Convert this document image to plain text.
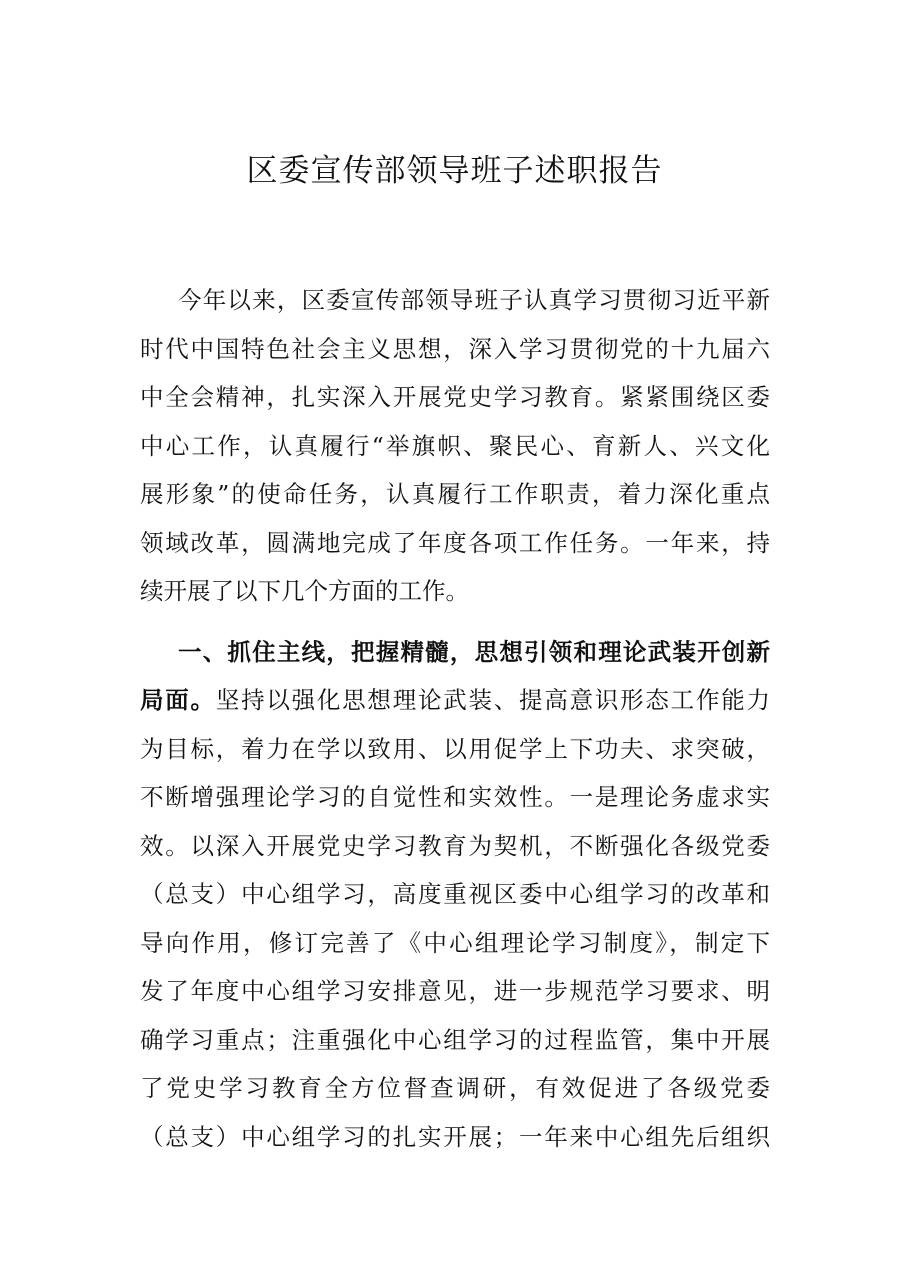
区委宣传部领导班子述职报告
今年以来，区委宣传部领导班子认真学习贯彻习近平新
时代中国特色社会主义思想，深入学习贯彻党的十九届六
中全会精神，扎实深入开展党史学习教育。紧紧围绕区委
中心工作，认真履行“举旗帜、聚民心、育新人、兴文化
展形象”的使命任务，认真履行工作职责，着力深化重点
领域改革，圆满地完成了年度各项工作任务。一年来，持
续开展了以下几个方面的工作。
一、抓住主线，把握精髓，思想引领和理论武装开创新
局面。坚持以强化思想理论武装、提高意识形态工作能力
为目标，着力在学以致用、以用促学上下功夫、求突破，
不断增强理论学习的自觉性和实效性。一是理论务虚求实
效。以深入开展党史学习教育为契机，不断强化各级党委
（总支）中心组学习，高度重视区委中心组学习的改革和
导向作用，修订完善了《中心组理论学习制度》，制定下
发了年度中心组学习安排意见，进一步规范学习要求、明
确学习重点；注重强化中心组学习的过程监管，集中开展
了党史学习教育全方位督查调研，有效促进了各级党委
（总支）中心组学习的扎实开展；一年来中心组先后组织
